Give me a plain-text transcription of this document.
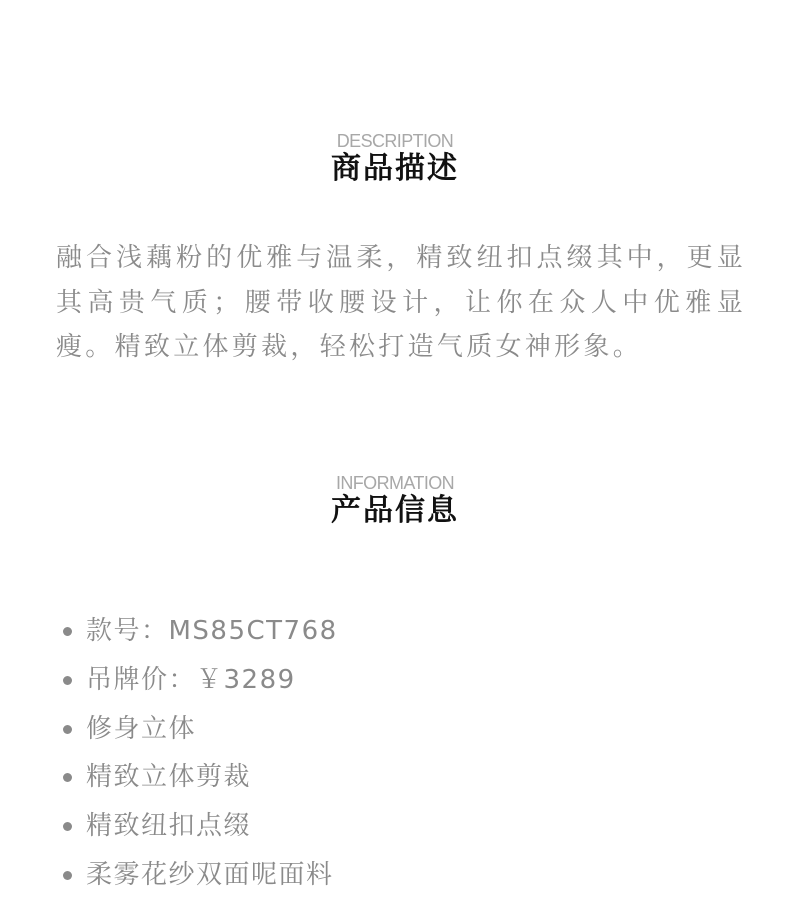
DESCRIPTION
商品描述

融合浅藕粉的优雅与温柔，精致纽扣点缀其中，更显其高贵气质；腰带收腰设计，让你在众人中优雅显瘦。精致立体剪裁，轻松打造气质女神形象。

INFORMATION
产品信息
款号：MS85CT768
吊牌价：￥3289
修身立体
精致立体剪裁
精致纽扣点缀
柔雾花纱双面呢面料
